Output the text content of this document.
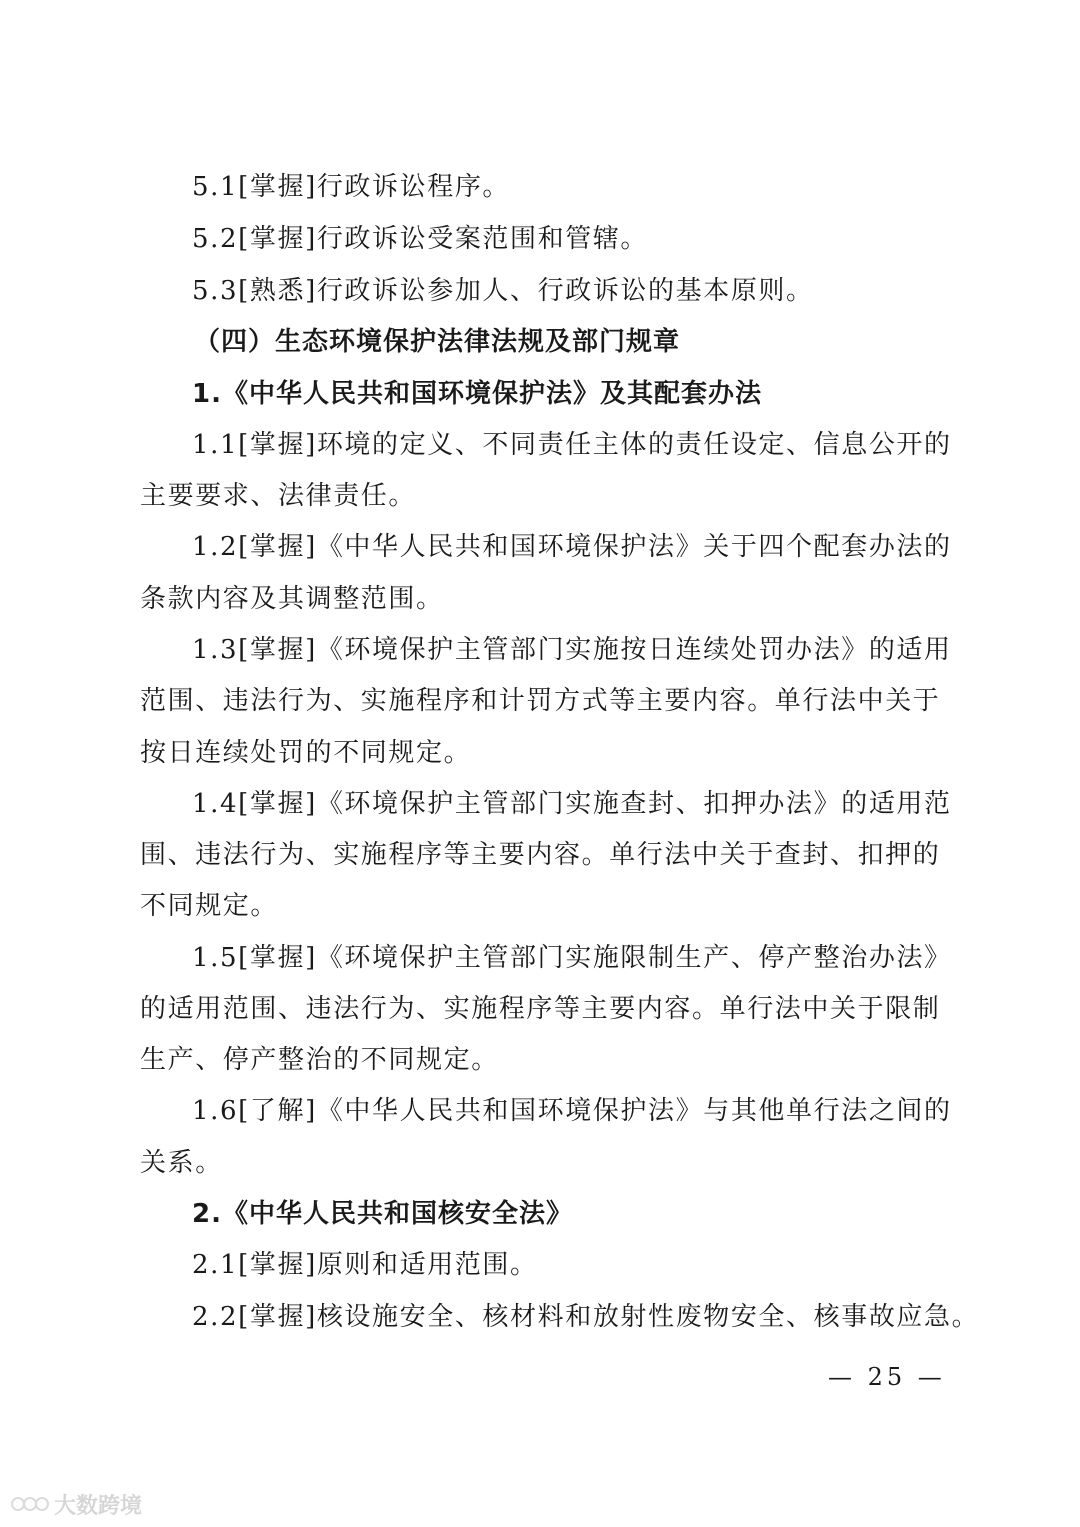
5.1[掌握]行政诉讼程序。
5.2[掌握]行政诉讼受案范围和管辖。
5.3[熟悉]行政诉讼参加人、行政诉讼的基本原则。
（四）生态环境保护法律法规及部门规章
1.《中华人民共和国环境保护法》及其配套办法
1.1[掌握]环境的定义、不同责任主体的责任设定、信息公开的
主要要求、法律责任。
1.2[掌握]《中华人民共和国环境保护法》关于四个配套办法的
条款内容及其调整范围。
1.3[掌握]《环境保护主管部门实施按日连续处罚办法》的适用
范围、违法行为、实施程序和计罚方式等主要内容。单行法中关于
按日连续处罚的不同规定。
1.4[掌握]《环境保护主管部门实施查封、扣押办法》的适用范
围、违法行为、实施程序等主要内容。单行法中关于查封、扣押的
不同规定。
1.5[掌握]《环境保护主管部门实施限制生产、停产整治办法》
的适用范围、违法行为、实施程序等主要内容。单行法中关于限制
生产、停产整治的不同规定。
1.6[了解]《中华人民共和国环境保护法》与其他单行法之间的
关系。
2.《中华人民共和国核安全法》
2.1[掌握]原则和适用范围。
2.2[掌握]核设施安全、核材料和放射性废物安全、核事故应急。
— 25 —
大数跨境
